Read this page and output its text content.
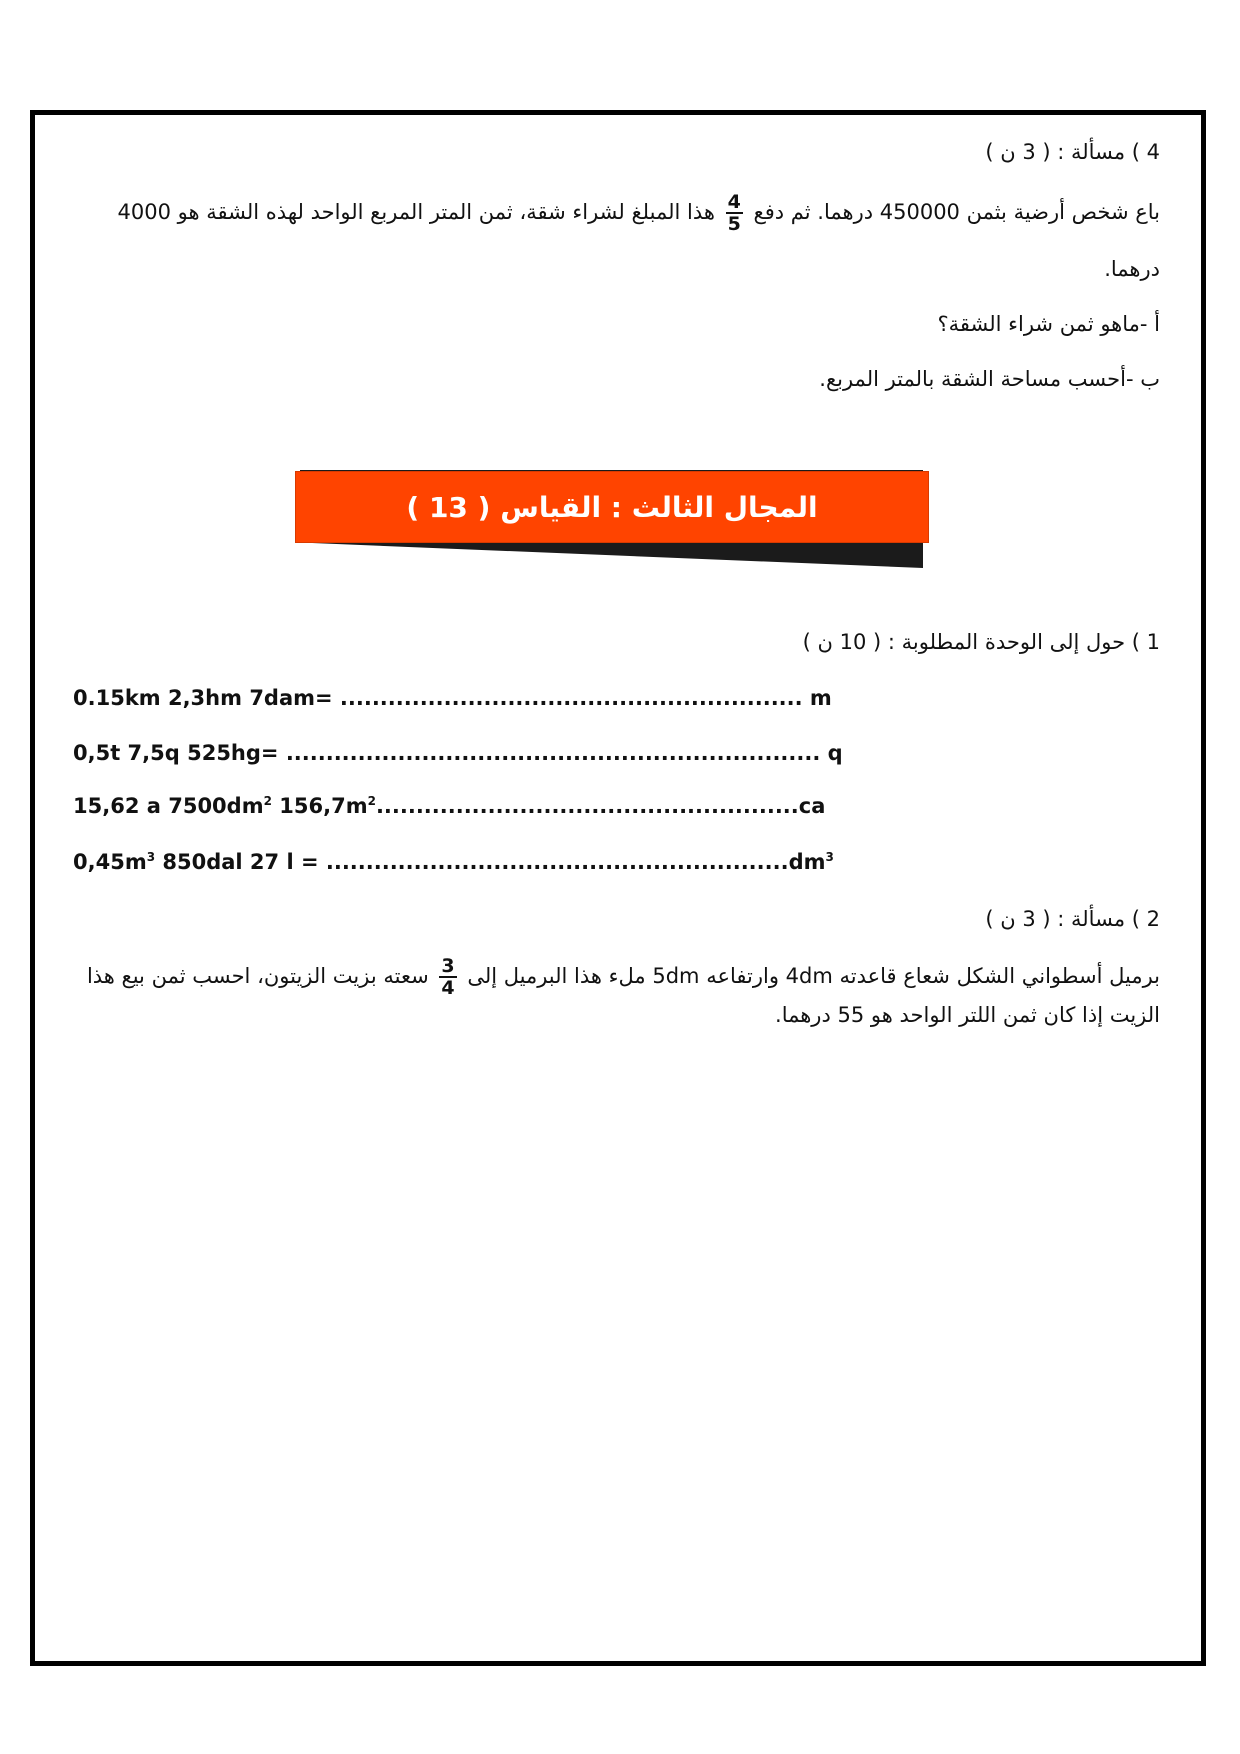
4 ) مسألة : ( 3 ن )
باع شخص أرضية بثمن 450000 درهما. ثم دفع
$\frac{4}{5}$
هذا المبلغ لشراء شقة، ثمن المتر المربع الواحد لهذه الشقة هو 4000
درهما.
أ -ماهو ثمن شراء الشقة؟
ب -أحسب مساحة الشقة بالمتر المربع.
المجال الثالث : القياس ( 13 )
1 ) حول إلى الوحدة المطلوبة : ( 10 ن )
0.15km 2,3hm 7dam= .......................................................... m
0,5t 7,5q 525hg= ................................................................... q
15,62 a $7500dm^2$ $156,7m^2.....................................................ca$
$0,45m^3$ 850dal 27 $l = ..........................................................dm^3$
2 ) مسألة : ( 3 ن )
برميل أسطواني الشكل شعاع قاعدته 4dm وارتفاعه 5dm ملء هذا البرميل إلى
$\frac{3}{4}$
سعته بزيت الزيتون، احسب ثمن بيع هذا
الزيت إذا كان ثمن اللتر الواحد هو 55 درهما.
